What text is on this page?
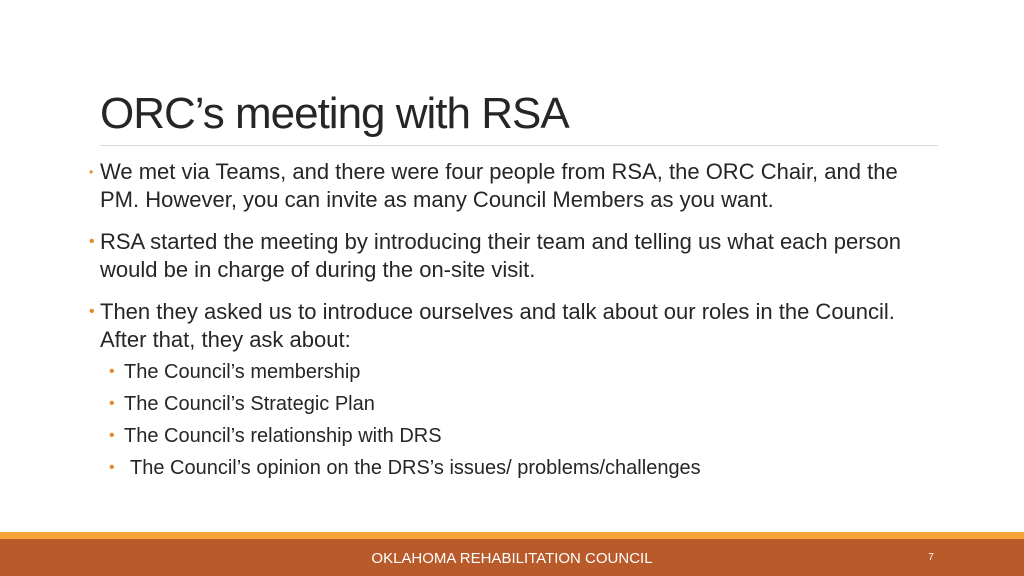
ORC’s meeting with RSA
• We met via Teams, and there were four people from RSA, the ORC Chair, and the PM. However, you can invite as many Council Members as you want.
• RSA started the meeting by introducing their team and telling us what each person would be in charge of during the on-site visit.
• Then they asked us to introduce ourselves and talk about our roles in the Council. After that, they ask about:
• The Council’s membership
• The Council’s Strategic Plan
• The Council’s relationship with DRS
• The Council’s opinion on the DRS’s issues/ problems/challenges
OKLAHOMA REHABILITATION COUNCIL	7
